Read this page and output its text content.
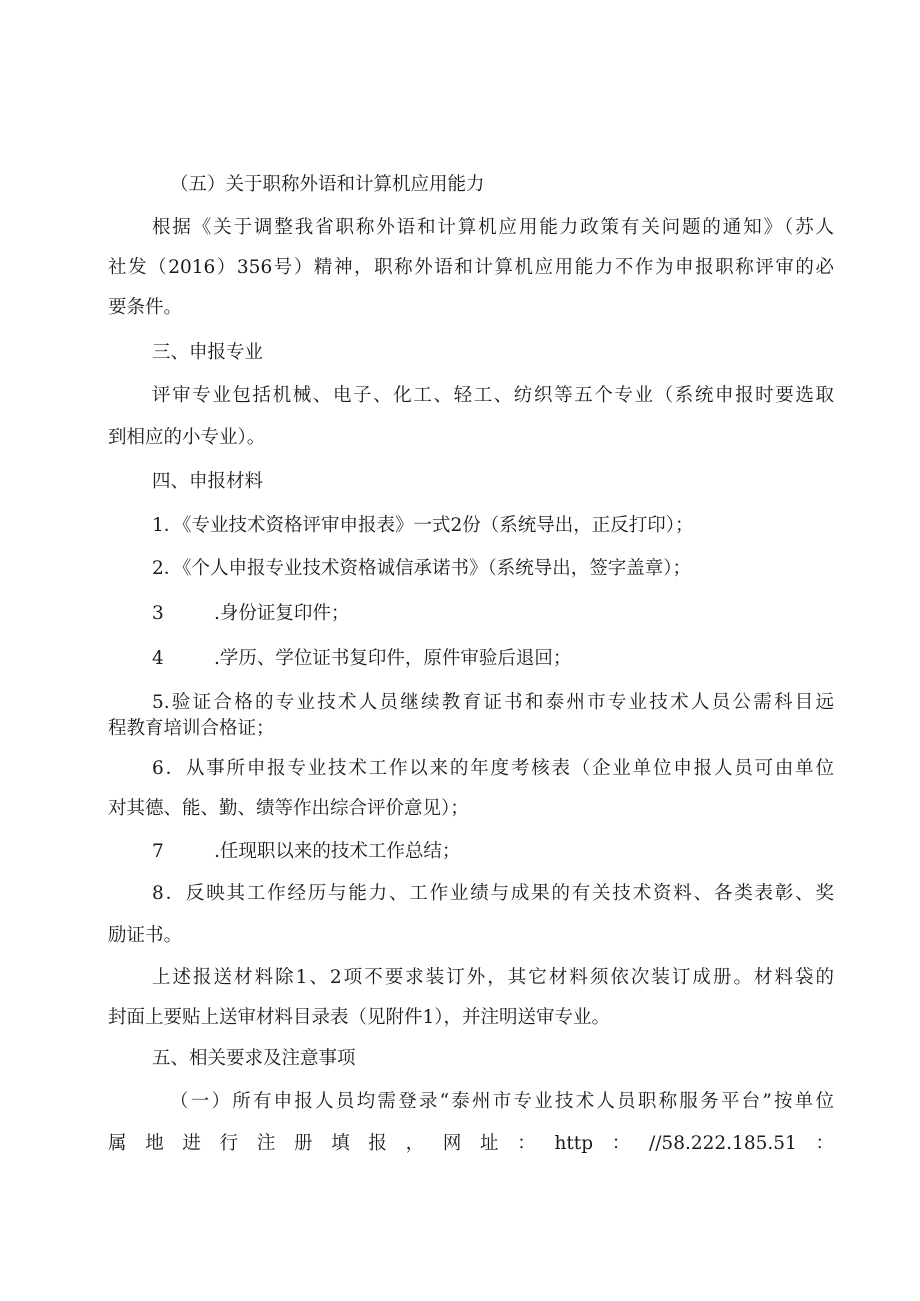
（五）关于职称外语和计算机应用能力
根据《关于调整我省职称外语和计算机应用能力政策有关问题的通知》（苏人
社发（2016）356号）精神，职称外语和计算机应用能力不作为申报职称评审的必
要条件。
三、申报专业
评审专业包括机械、电子、化工、轻工、纺织等五个专业（系统申报时要选取
到相应的小专业）。
四、申报材料
1．《专业技术资格评审申报表》一式2份（系统导出，正反打印）；
2．《个人申报专业技术资格诚信承诺书》（系统导出，签字盖章）；
3	.身份证复印件；
4	.学历、学位证书复印件，原件审验后退回；
5.验证合格的专业技术人员继续教育证书和泰州市专业技术人员公需科目远
程教育培训合格证；
6．从事所申报专业技术工作以来的年度考核表（企业单位申报人员可由单位
对其德、能、勤、绩等作出综合评价意见）；
7	.任现职以来的技术工作总结；
8．反映其工作经历与能力、工作业绩与成果的有关技术资料、各类表彰、奖
励证书。
上述报送材料除1、2项不要求装订外，其它材料须依次装订成册。材料袋的
封面上要贴上送审材料目录表（见附件1），并注明送审专业。
五、相关要求及注意事项
（一）所有申报人员均需登录“泰州市专业技术人员职称服务平台”按单位
属地进行注册填报，网址：http：//58.222.185.51：
